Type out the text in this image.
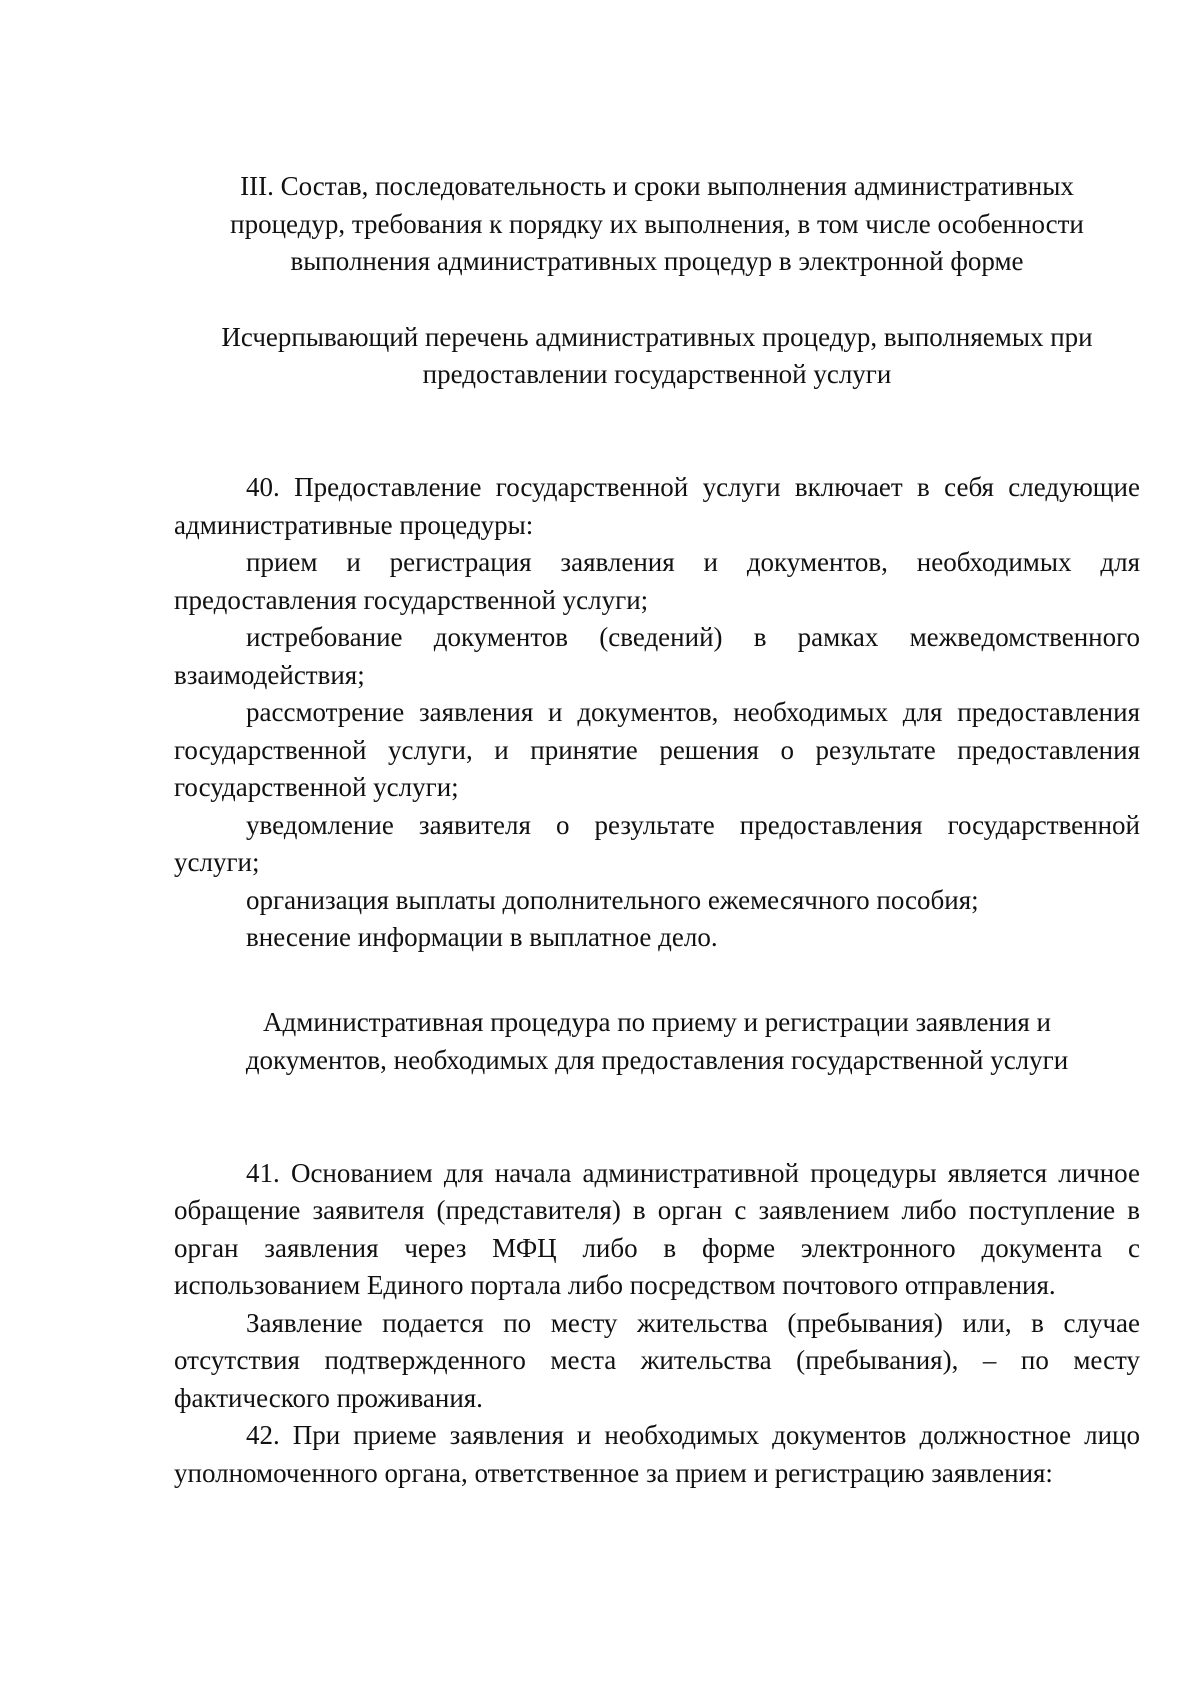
III. Состав, последовательность и сроки выполнения административных процедур, требования к порядку их выполнения, в том числе особенности выполнения административных процедур в электронной форме

Исчерпывающий перечень административных процедур, выполняемых при предоставлении государственной услуги

40. Предоставление государственной услуги включает в себя следующие административные процедуры:

прием и регистрация заявления и документов, необходимых для предоставления государственной услуги;

истребование документов (сведений) в рамках межведомственного взаимодействия;

рассмотрение заявления и документов, необходимых для предоставления государственной услуги, и принятие решения о результате предоставления государственной услуги;

уведомление заявителя о результате предоставления государственной услуги;

организация выплаты дополнительного ежемесячного пособия;

внесение информации в выплатное дело.

Административная процедура по приему и регистрации заявления и документов, необходимых для предоставления государственной услуги

41. Основанием для начала административной процедуры является личное обращение заявителя (представителя) в орган с заявлением либо поступление в орган заявления через МФЦ либо в форме электронного документа с использованием Единого портала либо посредством почтового отправления.

Заявление подается по месту жительства (пребывания) или, в случае отсутствия подтвержденного места жительства (пребывания), – по месту фактического проживания.

42. При приеме заявления и необходимых документов должностное лицо уполномоченного органа, ответственное за прием и регистрацию заявления:
